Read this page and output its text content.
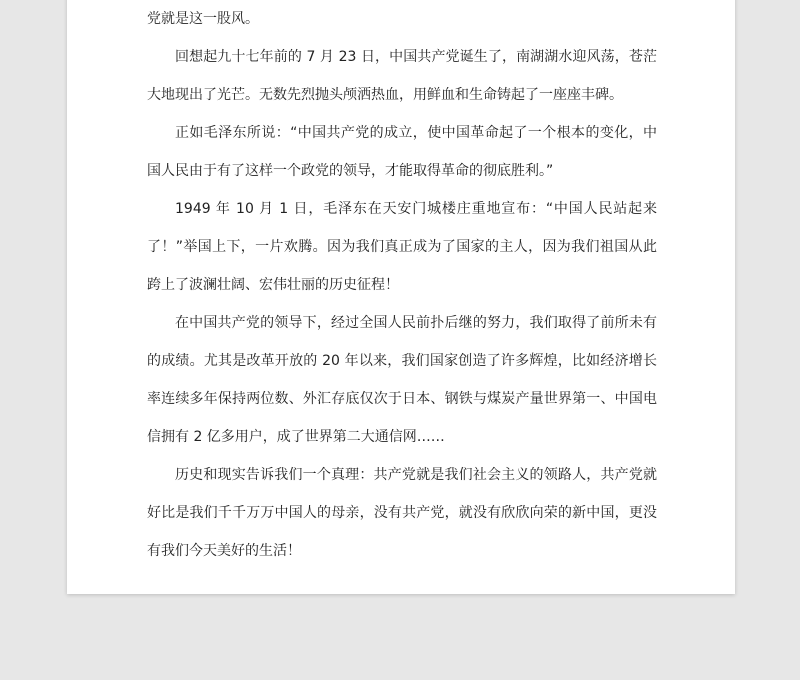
党就是这一股风。

回想起九十七年前的 7 月 23 日，中国共产党诞生了，南湖湖水迎风荡，苍茫大地现出了光芒。无数先烈抛头颅洒热血，用鲜血和生命铸起了一座座丰碑。

正如毛泽东所说：“中国共产党的成立，使中国革命起了一个根本的变化，中国人民由于有了这样一个政党的领导，才能取得革命的彻底胜利。”

1949 年 10 月 1 日，毛泽东在天安门城楼庄重地宣布：“中国人民站起来了！”举国上下，一片欢腾。因为我们真正成为了国家的主人，因为我们祖国从此跨上了波澜壮阔、宏伟壮丽的历史征程！

在中国共产党的领导下，经过全国人民前扑后继的努力，我们取得了前所未有的成绩。尤其是改革开放的 20 年以来，我们国家创造了许多辉煌，比如经济增长率连续多年保持两位数、外汇存底仅次于日本、钢铁与煤炭产量世界第一、中国电信拥有 2 亿多用户，成了世界第二大通信网……

历史和现实告诉我们一个真理：共产党就是我们社会主义的领路人，共产党就好比是我们千千万万中国人的母亲，没有共产党，就没有欣欣向荣的新中国，更没有我们今天美好的生活！
